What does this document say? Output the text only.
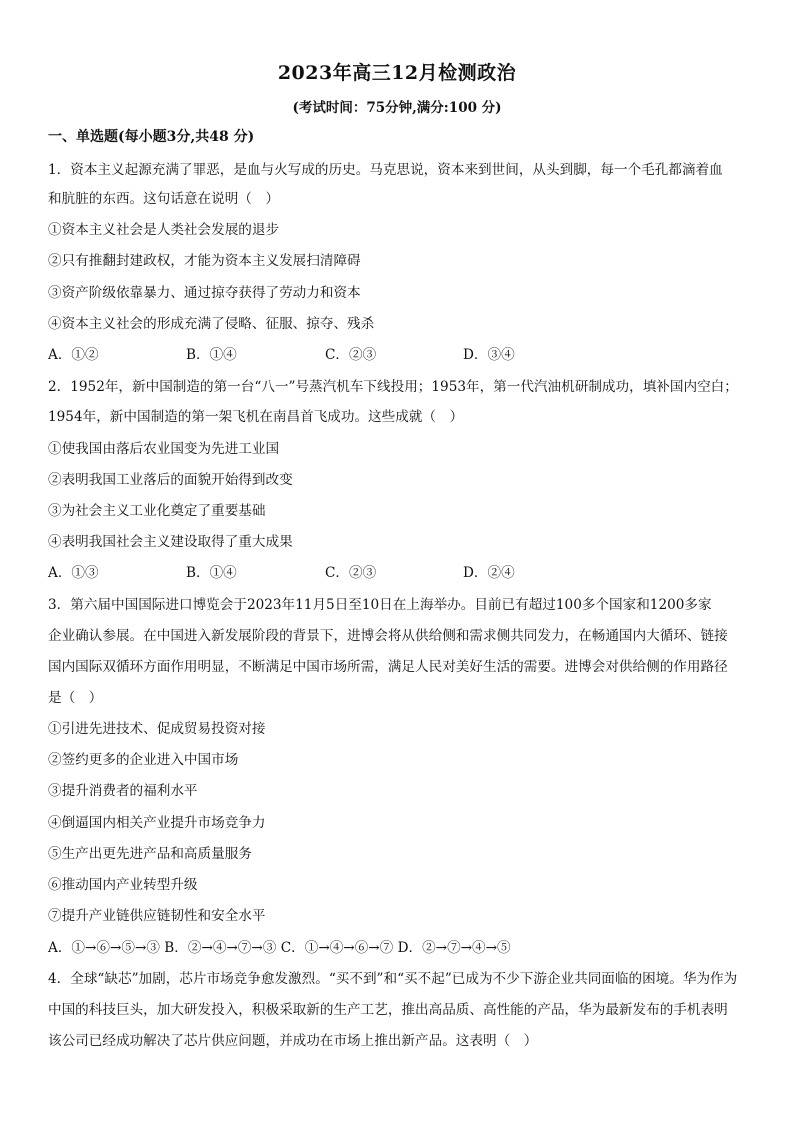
2023年高三12月检测政治
(考试时间：75分钟,满分:100 分)
一、单选题(每小题3分,共48 分)
1．资本主义起源充满了罪恶，是血与火写成的历史。马克思说，资本来到世间，从头到脚，每一个毛孔都滴着血
和肮脏的东西。这句话意在说明（　）
①资本主义社会是人类社会发展的退步
②只有推翻封建政权，才能为资本主义发展扫清障碍
③资产阶级依靠暴力、通过掠夺获得了劳动力和资本
④资本主义社会的形成充满了侵略、征服、掠夺、残杀
A．①②	B．①④	C．②③	D．③④
2．1952年，新中国制造的第一台“八一”号蒸汽机车下线投用；1953年，第一代汽油机研制成功，填补国内空白；
1954年，新中国制造的第一架飞机在南昌首飞成功。这些成就（　）
①使我国由落后农业国变为先进工业国
②表明我国工业落后的面貌开始得到改变
③为社会主义工业化奠定了重要基础
④表明我国社会主义建设取得了重大成果
A．①③	B．①④	C．②③	D．②④
3．第六届中国国际进口博览会于2023年11月5日至10日在上海举办。目前已有超过100多个国家和1200多家
企业确认参展。在中国进入新发展阶段的背景下，进博会将从供给侧和需求侧共同发力，在畅通国内大循环、链接
国内国际双循环方面作用明显，不断满足中国市场所需，满足人民对美好生活的需要。进博会对供给侧的作用路径
是（　）
①引进先进技术、促成贸易投资对接
②签约更多的企业进入中国市场
③提升消费者的福利水平
④倒逼国内相关产业提升市场竞争力
⑤生产出更先进产品和高质量服务
⑥推动国内产业转型升级
⑦提升产业链供应链韧性和安全水平
A．①→⑥→⑤→③ B．②→④→⑦→③ C．①→④→⑥→⑦ D．②→⑦→④→⑤
4．全球“缺芯”加剧，芯片市场竞争愈发激烈。“买不到”和“买不起”已成为不少下游企业共同面临的困境。华为作为
中国的科技巨头，加大研发投入，积极采取新的生产工艺，推出高品质、高性能的产品，华为最新发布的手机表明
该公司已经成功解决了芯片供应问题，并成功在市场上推出新产品。这表明（　）
